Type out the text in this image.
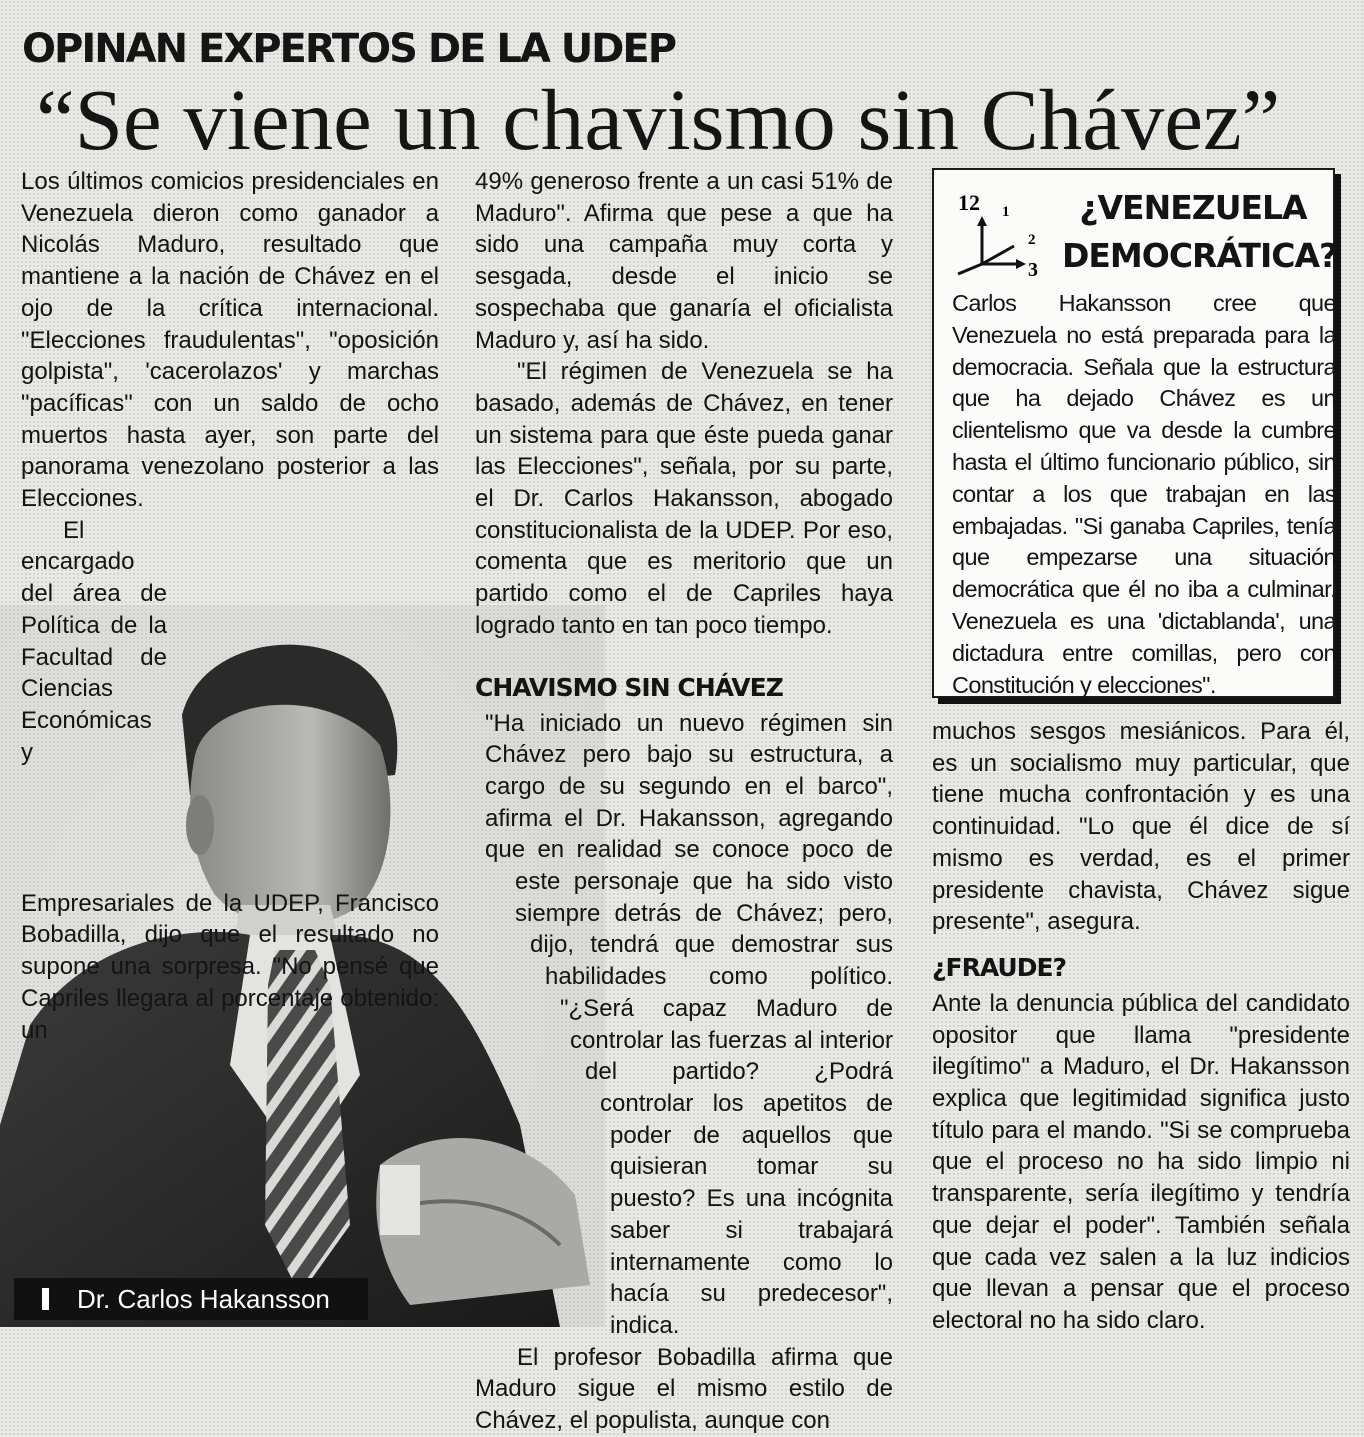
OPINAN EXPERTOS DE LA UDEP
“Se viene un chavismo sin Chávez”

Los últimos comicios presidenciales en Venezuela dieron como ganador a Nicolás Maduro, resultado que mantiene a la nación de Chávez en el ojo de la crítica internacional. "Elecciones fraudulentas", "oposición golpista", 'cacerolazos' y marchas "pacíficas" con un saldo de ocho muertos hasta ayer, son parte del panorama venezolano posterior a las Elecciones.

El encargado del área de Política de la Facultad de Ciencias Económicas y Empresariales de la UDEP, Francisco Bobadilla, dijo que el resultado no supone una sorpresa. "No pensé que Capriles llegara al porcentaje obtenido: un

49% generoso frente a un casi 51% de Maduro". Afirma que pese a que ha sido una campaña muy corta y sesgada, desde el inicio se sospechaba que ganaría el oficialista Maduro y, así ha sido.

"El régimen de Venezuela se ha basado, además de Chávez, en tener un sistema para que éste pueda ganar las Elecciones", señala, por su parte, el Dr. Carlos Hakansson, abogado constitucionalista de la UDEP. Por eso, comenta que es meritorio que un partido como el de Capriles haya logrado tanto en tan poco tiempo.

CHAVISMO SIN CHÁVEZ

"Ha iniciado un nuevo régimen sin Chávez pero bajo su estructura, a cargo de su segundo en el barco", afirma el Dr. Hakansson, agregando que en realidad se conoce poco de este personaje que ha sido visto siempre detrás de Chávez; pero, dijo, tendrá que demostrar sus habilidades como político. "¿Será capaz Maduro de controlar las fuerzas al interior del partido? ¿Podrá controlar los apetitos de poder de aquellos que quisieran tomar su puesto? Es una incógnita saber si trabajará internamente como lo hacía su predecesor", indica.

El profesor Bobadilla afirma que Maduro sigue el mismo estilo de Chávez, el populista, aunque con

12 1
2
3
¿VENEZUELA DEMOCRÁTICA?
Carlos Hakansson cree que Venezuela no está preparada para la democracia. Señala que la estructura que ha dejado Chávez es un clientelismo que va desde la cumbre hasta el último funcionario público, sin contar a los que trabajan en las embajadas. "Si ganaba Capriles, tenía que empezarse una situación democrática que él no iba a culminar. Venezuela es una 'dictablanda', una dictadura entre comillas, pero con Constitución y elecciones".

muchos sesgos mesiánicos. Para él, es un socialismo muy particular, que tiene mucha confrontación y es una continuidad. "Lo que él dice de sí mismo es verdad, es el primer presidente chavista, Chávez sigue presente", asegura.

¿FRAUDE?

Ante la denuncia pública del candidato opositor que llama "presidente ilegítimo" a Maduro, el Dr. Hakansson explica que legitimidad significa justo título para el mando. "Si se comprueba que el proceso no ha sido limpio ni transparente, sería ilegítimo y tendría que dejar el poder". También señala que cada vez salen a la luz indicios que llevan a pensar que el proceso electoral no ha sido claro.

Dr. Carlos Hakansson
